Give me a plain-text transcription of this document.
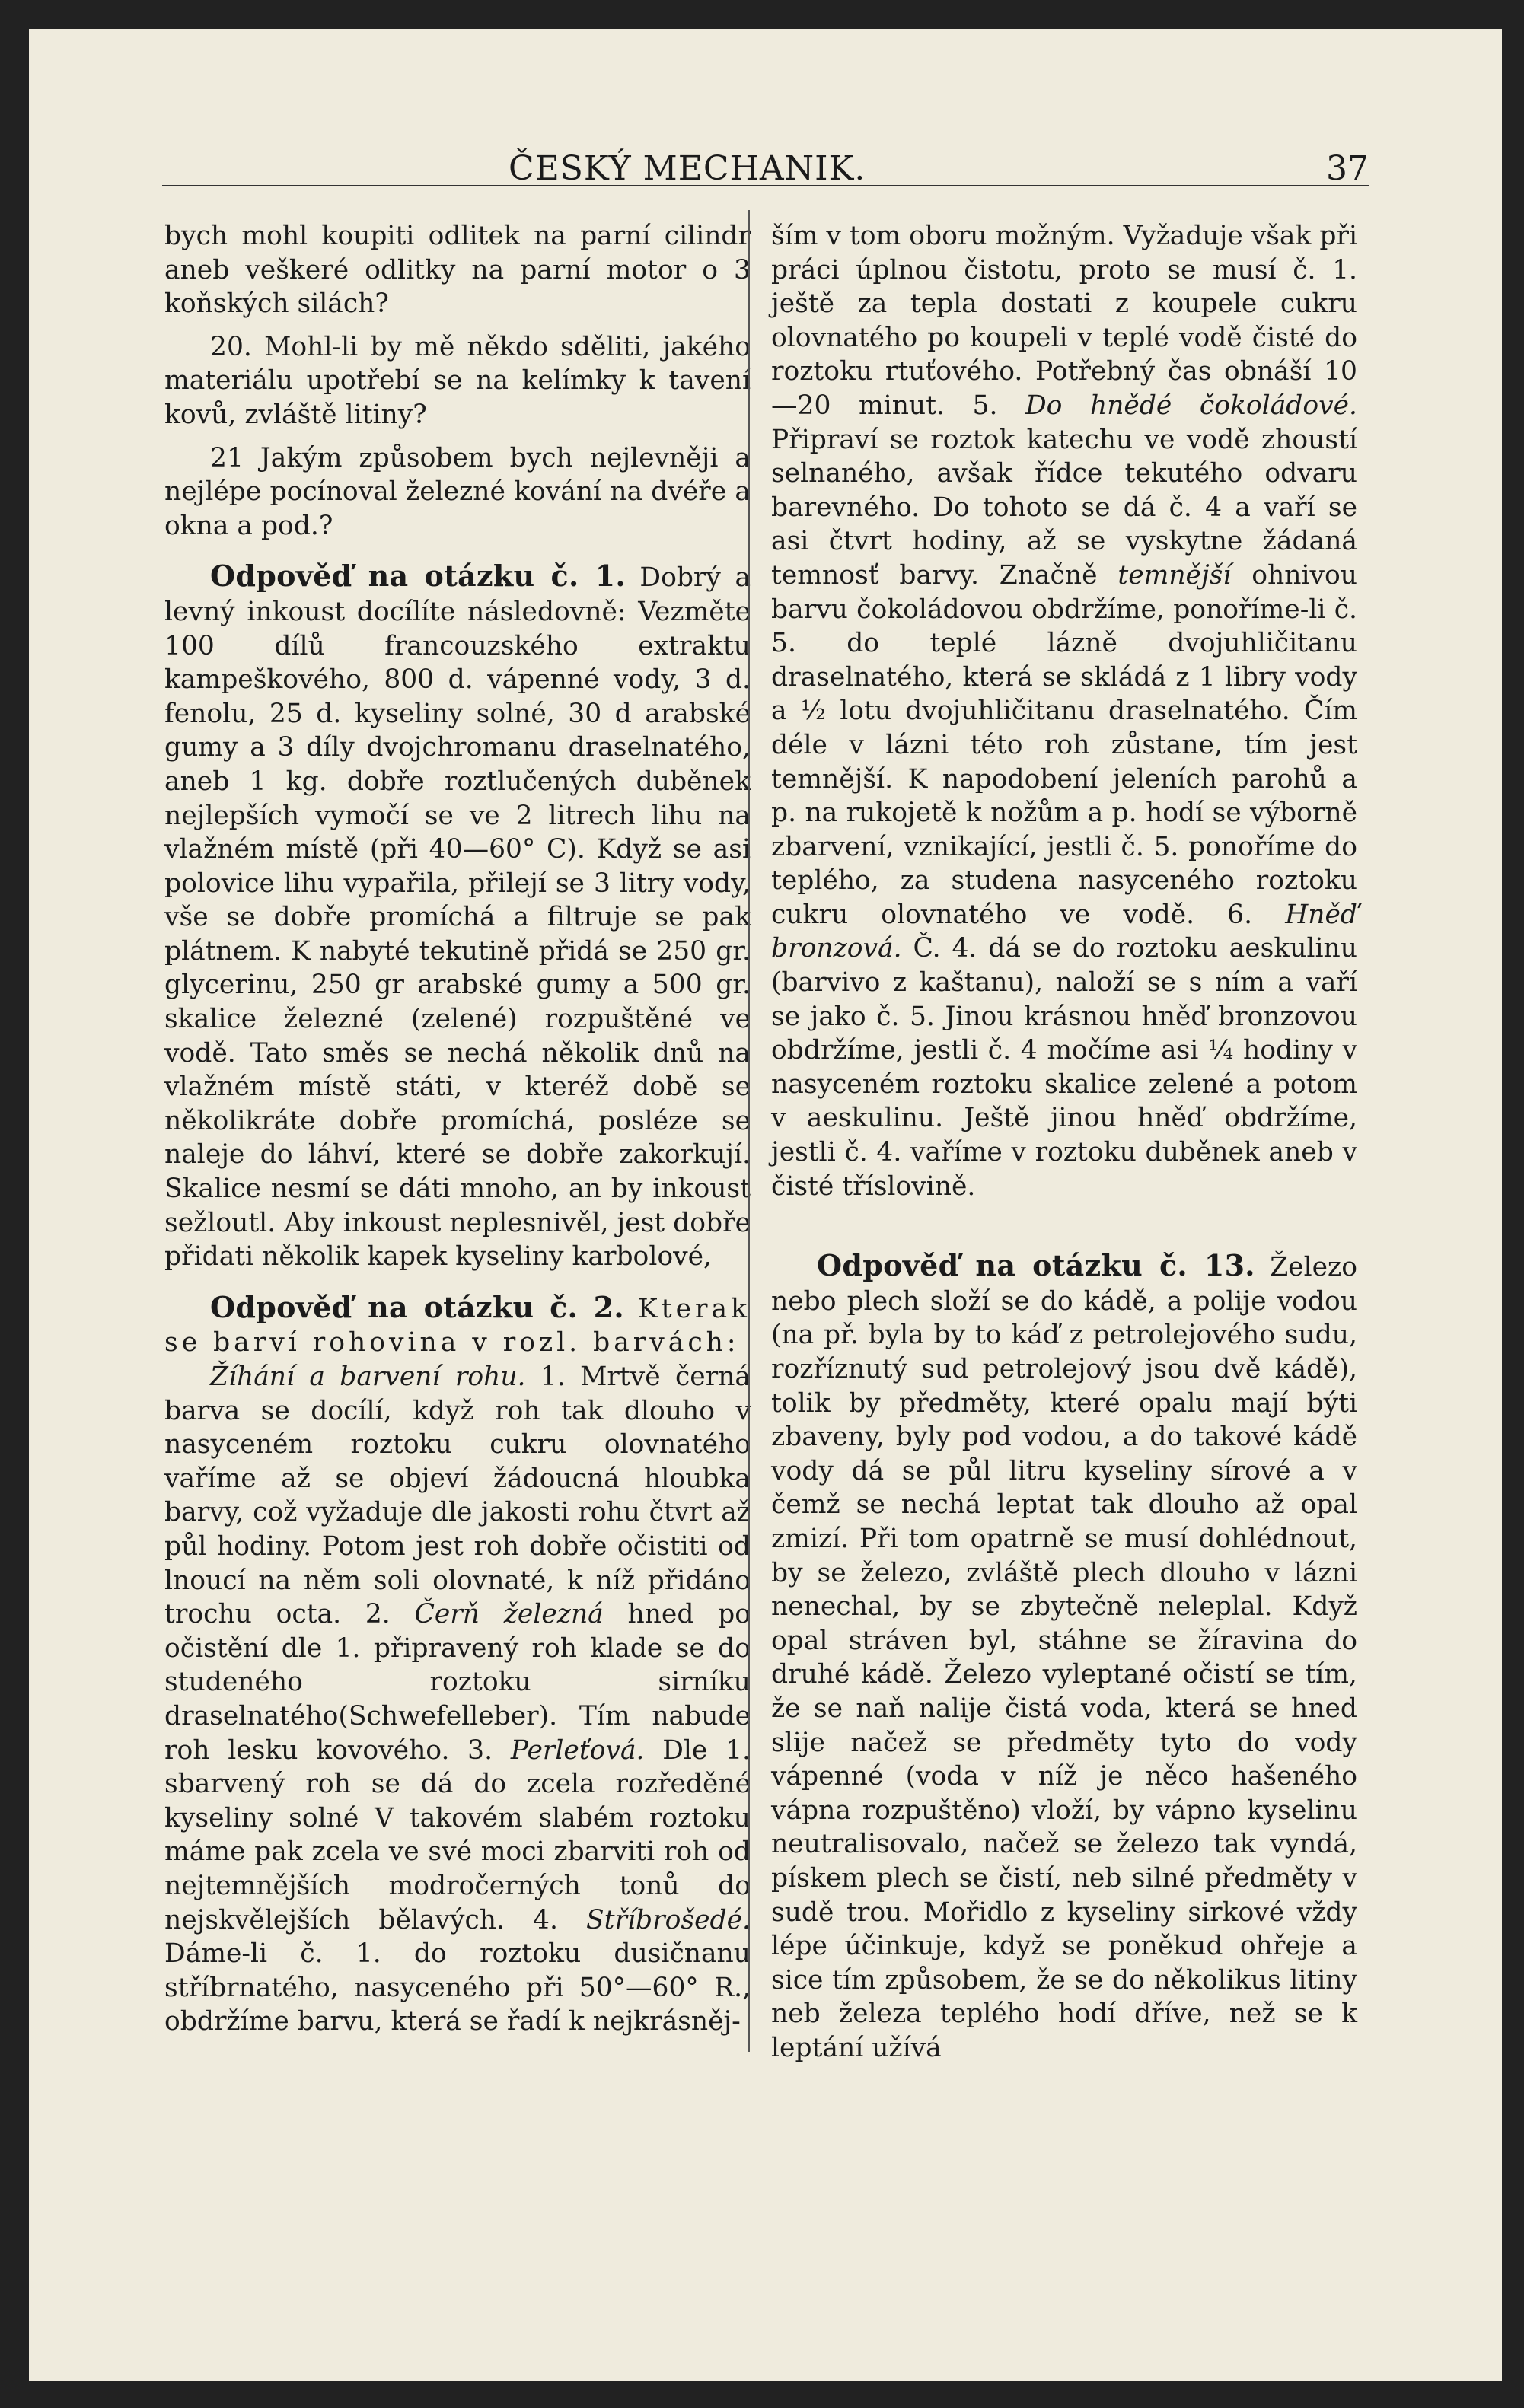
ČESKÝ MECHANIK.	37

bych mohl koupiti odlitek na parní cilindr aneb veškeré odlitky na parní motor o 3 koňských silách?

20. Mohl-li by mě někdo sděliti, jakého materiálu upotřebí se na kelímky k tavení kovů, zvláště litiny?

21 Jakým způsobem bych nejlevněji a nejlépe pocínoval železné kování na dvéře a okna a pod.?

Odpověď na otázku č. 1. Dobrý a levný inkoust docílíte následovně: Vezměte 100 dílů francouzského extraktu kampeškového, 800 d. vápenné vody, 3 d. fenolu, 25 d. kyseliny solné, 30 d arabské gumy a 3 díly dvojchromanu draselnatého, aneb 1 kg. dobře roztlučených duběnek nejlepších vymočí se ve 2 litrech lihu na vlažném místě (při 40—60° C). Když se asi polovice lihu vypařila, přilejí se 3 litry vody, vše se dobře promíchá a filtruje se pak plátnem. K nabyté tekutině přidá se 250 gr. glycerinu, 250 gr arabské gumy a 500 gr. skalice železné (zelené) rozpuštěné ve vodě. Tato směs se nechá několik dnů na vlažném místě státi, v kteréž době se několikráte dobře promíchá, posléze se naleje do láhví, které se dobře zakorkují. Skalice nesmí se dáti mnoho, an by inkoust sežloutl. Aby inkoust neplesnivěl, jest dobře přidati několik kapek kyseliny karbolové,

Odpověď na otázku č. 2. Kterak se barví rohovina v rozl. barvách:

Žíhání a barvení rohu. 1. Mrtvě černá barva se docílí, když roh tak dlouho v nasyceném roztoku cukru olovnatého vaříme až se objeví žádoucná hloubka barvy, což vyžaduje dle jakosti rohu čtvrt až půl hodiny. Potom jest roh dobře očistiti od lnoucí na něm soli olovnaté, k níž přidáno trochu octa. 2. Čerň železná hned po očistění dle 1. připravený roh klade se do studeného roztoku sirníku draselnatého(Schwefelleber). Tím nabude roh lesku kovového. 3. Perleťová. Dle 1. sbarvený roh se dá do zcela rozředěné kyseliny solné V takovém slabém roztoku máme pak zcela ve své moci zbarviti roh od nejtemnějších modročerných tonů do nejskvělejších bělavých. 4. Stříbrošedé. Dáme-li č. 1. do roztoku dusičnanu stříbrnatého, nasyceného při 50°—60° R., obdržíme barvu, která se řadí k nejkrásněj-

ším v tom oboru možným. Vyžaduje však při práci úplnou čistotu, proto se musí č. 1. ještě za tepla dostati z koupele cukru olovnatého po koupeli v teplé vodě čisté do roztoku rtuťového. Potřebný čas obnáší 10—20 minut. 5. Do hnědé čokoládové. Připraví se roztok katechu ve vodě zhoustí selnaného, avšak řídce tekutého odvaru barevného. Do tohoto se dá č. 4 a vaří se asi čtvrt hodiny, až se vyskytne žádaná temnosť barvy. Značně temnější ohnivou barvu čokoládovou obdržíme, ponoříme-li č. 5. do teplé lázně dvojuhličitanu draselnatého, která se skládá z 1 libry vody a ½ lotu dvojuhličitanu draselnatého. Čím déle v lázni této roh zůstane, tím jest temnější. K napodobení jeleních parohů a p. na rukojetě k nožům a p. hodí se výborně zbarvení, vznikající, jestli č. 5. ponoříme do teplého, za studena nasyceného roztoku cukru olovnatého ve vodě. 6. Hněď bronzová. Č. 4. dá se do roztoku aeskulinu (barvivo z kaštanu), naloží se s ním a vaří se jako č. 5. Jinou krásnou hněď bronzovou obdržíme, jestli č. 4 močíme asi ¼ hodiny v nasyceném roztoku skalice zelené a potom v aeskulinu. Ještě jinou hněď obdržíme, jestli č. 4. vaříme v roztoku duběnek aneb v čisté tříslovině.

Odpověď na otázku č. 13. Železo nebo plech složí se do kádě, a polije vodou (na př. byla by to káď z petrolejového sudu, rozříznutý sud petrolejový jsou dvě kádě), tolik by předměty, které opalu mají býti zbaveny, byly pod vodou, a do takové kádě vody dá se půl litru kyseliny sírové a v čemž se nechá leptat tak dlouho až opal zmizí. Při tom opatrně se musí dohlédnout, by se železo, zvláště plech dlouho v lázni nenechal, by se zbytečně neleplal. Když opal stráven byl, stáhne se žíravina do druhé kádě. Železo vyleptané očistí se tím, že se naň nalije čistá voda, která se hned slije načež se předměty tyto do vody vápenné (voda v níž je něco hašeného vápna rozpuštěno) vloží, by vápno kyselinu neutralisovalo, načež se železo tak vyndá, pískem plech se čistí, neb silné předměty v sudě trou. Mořidlo z kyseliny sirkové vždy lépe účinkuje, když se poněkud ohřeje a sice tím způsobem, že se do několikus litiny neb železa teplého hodí dříve, než se k leptání užívá
